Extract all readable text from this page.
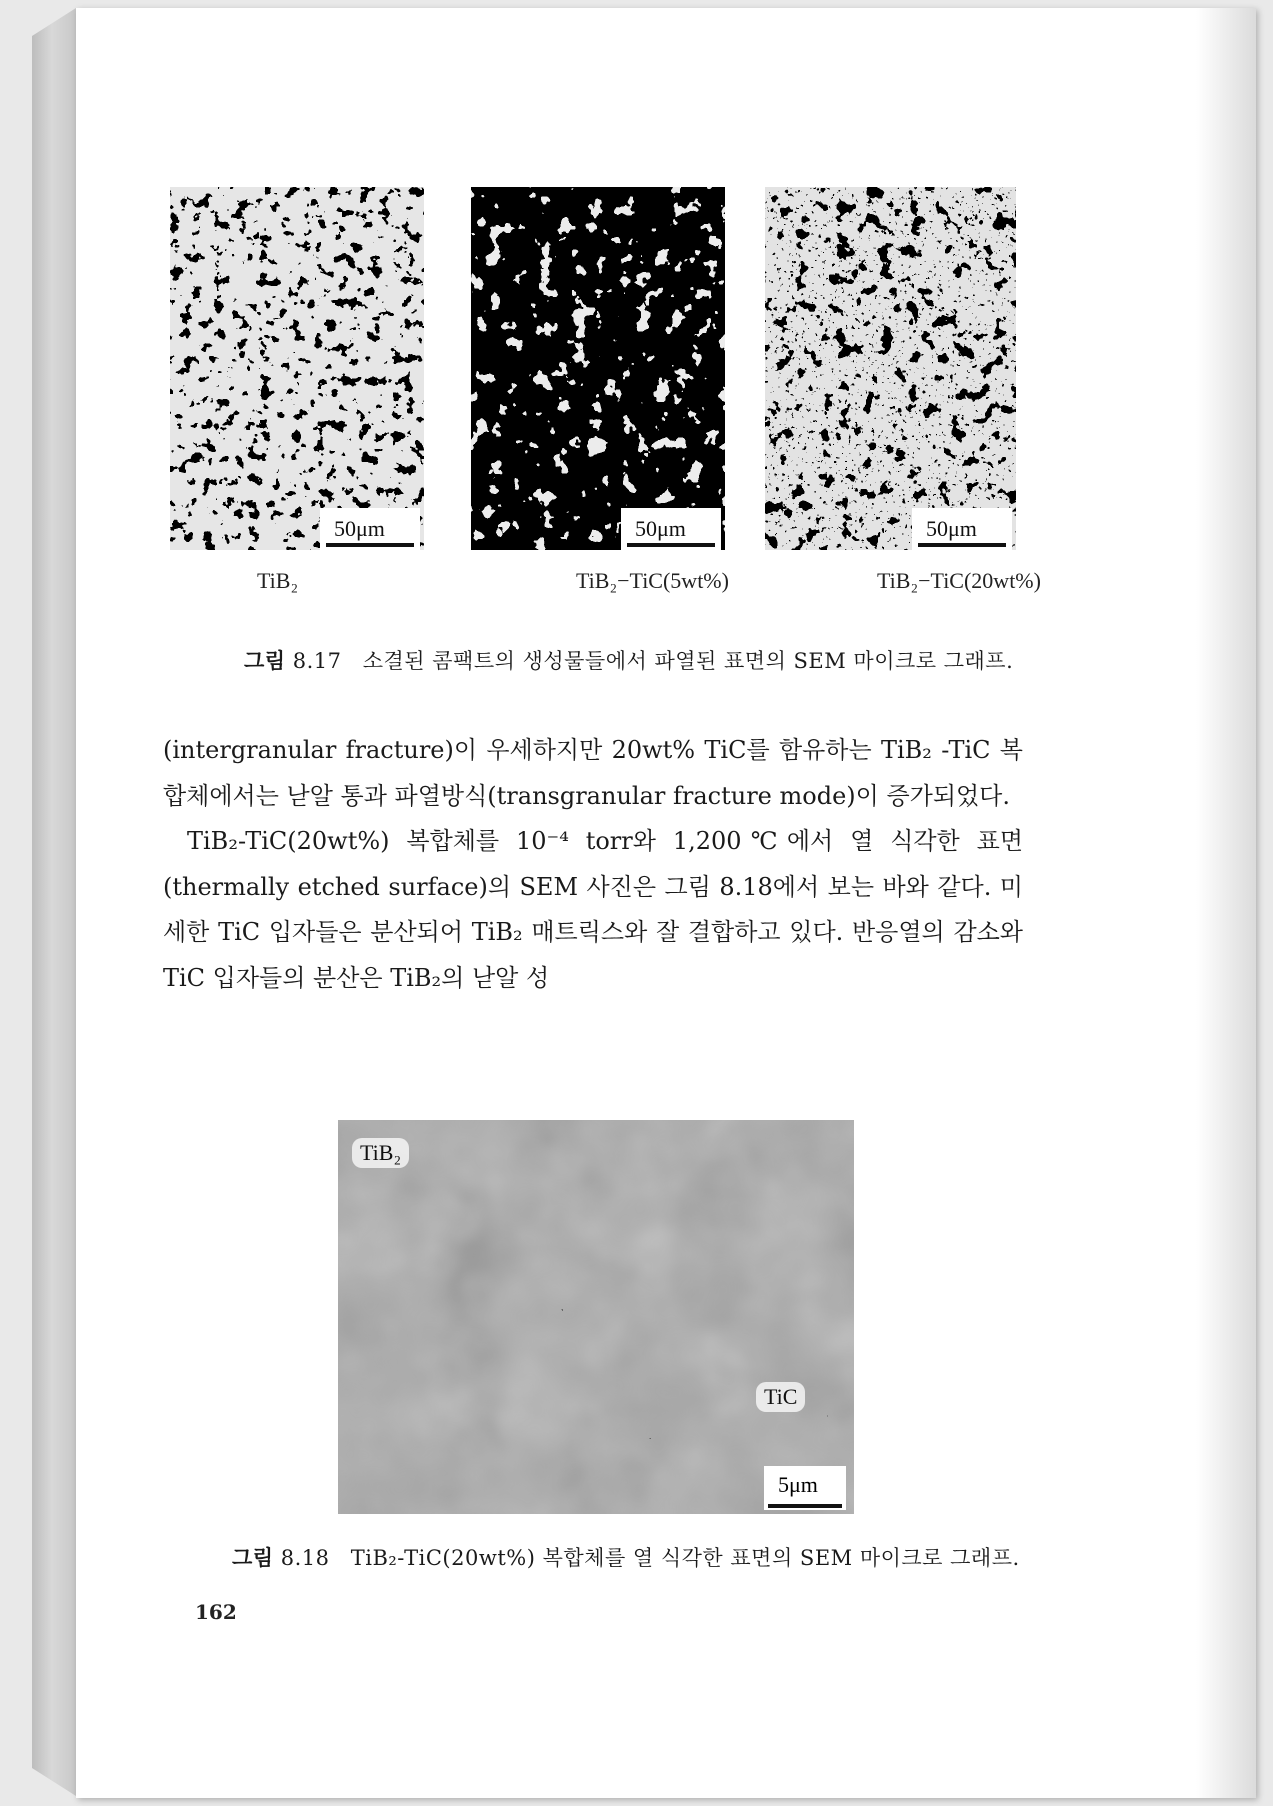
50μm	50μm	50μm
TiB₂	TiB₂−TiC(5wt%)	TiB₂−TiC(20wt%)
그림 8.17 소결된 콤팩트의 생성물들에서 파열된 표면의 SEM 마이크로 그래프.

(intergranular fracture)이 우세하지만 20wt% TiC를 함유하는 TiB₂ -TiC 복합체에서는 낟알 통과 파열방식(transgranular fracture mode)이 증가되었다.

TiB₂-TiC(20wt%) 복합체를 10⁻⁴ torr와 1,200℃에서 열 식각한 표면(thermally etched surface)의 SEM 사진은 그림 8.18에서 보는 바와 같다. 미세한 TiC 입자들은 분산되어 TiB₂ 매트릭스와 잘 결합하고 있다. 반응열의 감소와 TiC 입자들의 분산은 TiB₂의 낟알 성

TiB₂
TiC
5μm
그림 8.18 TiB₂-TiC(20wt%) 복합체를 열 식각한 표면의 SEM 마이크로 그래프.
162
